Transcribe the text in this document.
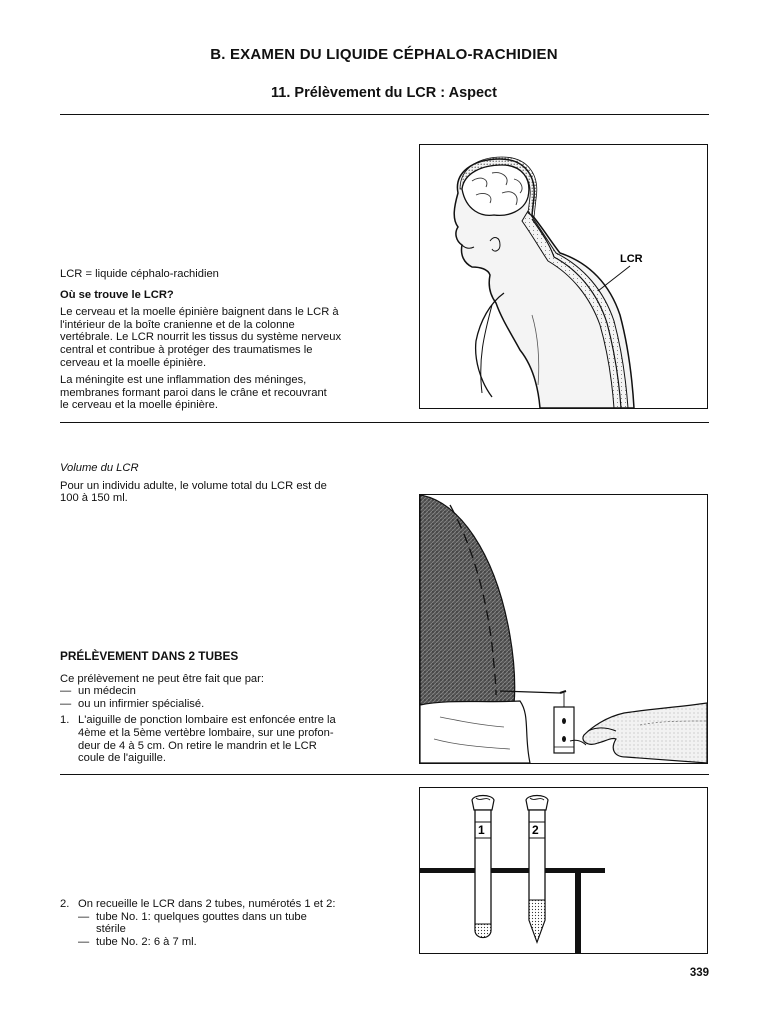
B. EXAMEN DU LIQUIDE CÉPHALO-RACHIDIEN
11. Prélèvement du LCR : Aspect

LCR = liquide céphalo-rachidien

Où se trouve le LCR?

Le cerveau et la moelle épinière baignent dans le LCR à

l'intérieur de la boîte cranienne et de la colonne

vertébrale. Le LCR nourrit les tissus du système nerveux

central et contribue à protéger des traumatismes le

cerveau et la moelle épinière.

La méningite est une inflammation des méninges,

membranes formant paroi dans le crâne et recouvrant

le cerveau et la moelle épinière.

LCR

Volume du LCR

Pour un individu adulte, le volume total du LCR est de

100 à 150 ml.

PRÉLÈVEMENT DANS 2 TUBES

Ce prélèvement ne peut être fait que par:

— un médecin
— ou un infirmier spécialisé.
1. L'aiguille de ponction lombaire est enfoncée entre la

4ème et la 5ème vertèbre lombaire, sur une profon-

deur de 4 à 5 cm. On retire le mandrin et le LCR

coule de l'aiguille.

2. On recueille le LCR dans 2 tubes, numérotés 1 et 2:
— tube No. 1: quelques gouttes dans un tube

stérile

— tube No. 2: 6 à 7 ml.
1	2
339
